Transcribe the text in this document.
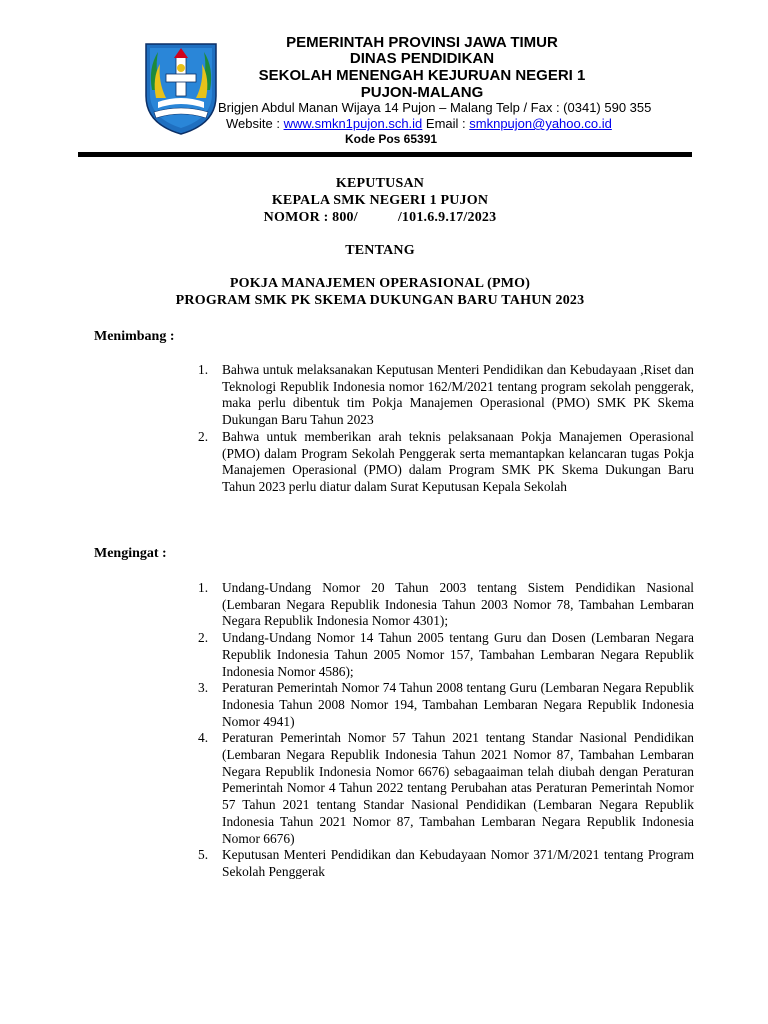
PEMERINTAH PROVINSI JAWA TIMUR
DINAS PENDIDIKAN
SEKOLAH MENENGAH KEJURUAN NEGERI 1
PUJON-MALANG
Brigjen Abdul Manan Wijaya 14 Pujon – Malang Telp / Fax : (0341) 590 355
Website : www.smkn1pujon.sch.id Email : smknpujon@yahoo.co.id
Kode Pos 65391
KEPUTUSAN
KEPALA SMK NEGERI 1 PUJON
NOMOR : 800/	/101.6.9.17/2023
TENTANG
POKJA MANAJEMEN OPERASIONAL (PMO)
PROGRAM SMK PK SKEMA DUKUNGAN BARU TAHUN 2023
Menimbang :
1. Bahwa untuk melaksanakan Keputusan Menteri Pendidikan dan Kebudayaan ,Riset dan Teknologi Republik Indonesia nomor 162/M/2021 tentang program sekolah penggerak, maka perlu dibentuk tim Pokja Manajemen Operasional (PMO) SMK PK Skema Dukungan Baru Tahun 2023
2. Bahwa untuk memberikan arah teknis pelaksanaan Pokja Manajemen Operasional (PMO) dalam Program Sekolah Penggerak serta memantapkan kelancaran tugas Pokja Manajemen Operasional (PMO) dalam Program SMK PK Skema Dukungan Baru Tahun 2023 perlu diatur dalam Surat Keputusan Kepala Sekolah
Mengingat :
1. Undang-Undang Nomor 20 Tahun 2003 tentang Sistem Pendidikan Nasional (Lembaran Negara Republik Indonesia Tahun 2003 Nomor 78, Tambahan Lembaran Negara Republik Indonesia Nomor 4301);
2. Undang-Undang Nomor 14 Tahun 2005 tentang Guru dan Dosen (Lembaran Negara Republik Indonesia Tahun 2005 Nomor 157, Tambahan Lembaran Negara Republik Indonesia Nomor 4586);
3. Peraturan Pemerintah Nomor 74 Tahun 2008 tentang Guru (Lembaran Negara Republik Indonesia Tahun 2008 Nomor 194, Tambahan Lembaran Negara Republik Indonesia Nomor 4941)
4. Peraturan Pemerintah Nomor 57 Tahun 2021 tentang Standar Nasional Pendidikan (Lembaran Negara Republik Indonesia Tahun 2021 Nomor 87, Tambahan Lembaran Negara Republik Indonesia Nomor 6676) sebagaaiman telah diubah dengan Peraturan Pemerintah Nomor 4 Tahun 2022 tentang Perubahan atas Peraturan Pemerintah Nomor 57 Tahun 2021 tentang Standar Nasional Pendidikan (Lembaran Negara Republik Indonesia Tahun 2021 Nomor 87, Tambahan Lembaran Negara Republik Indonesia Nomor 6676)
5. Keputusan Menteri Pendidikan dan Kebudayaan Nomor 371/M/2021 tentang Program Sekolah Penggerak
